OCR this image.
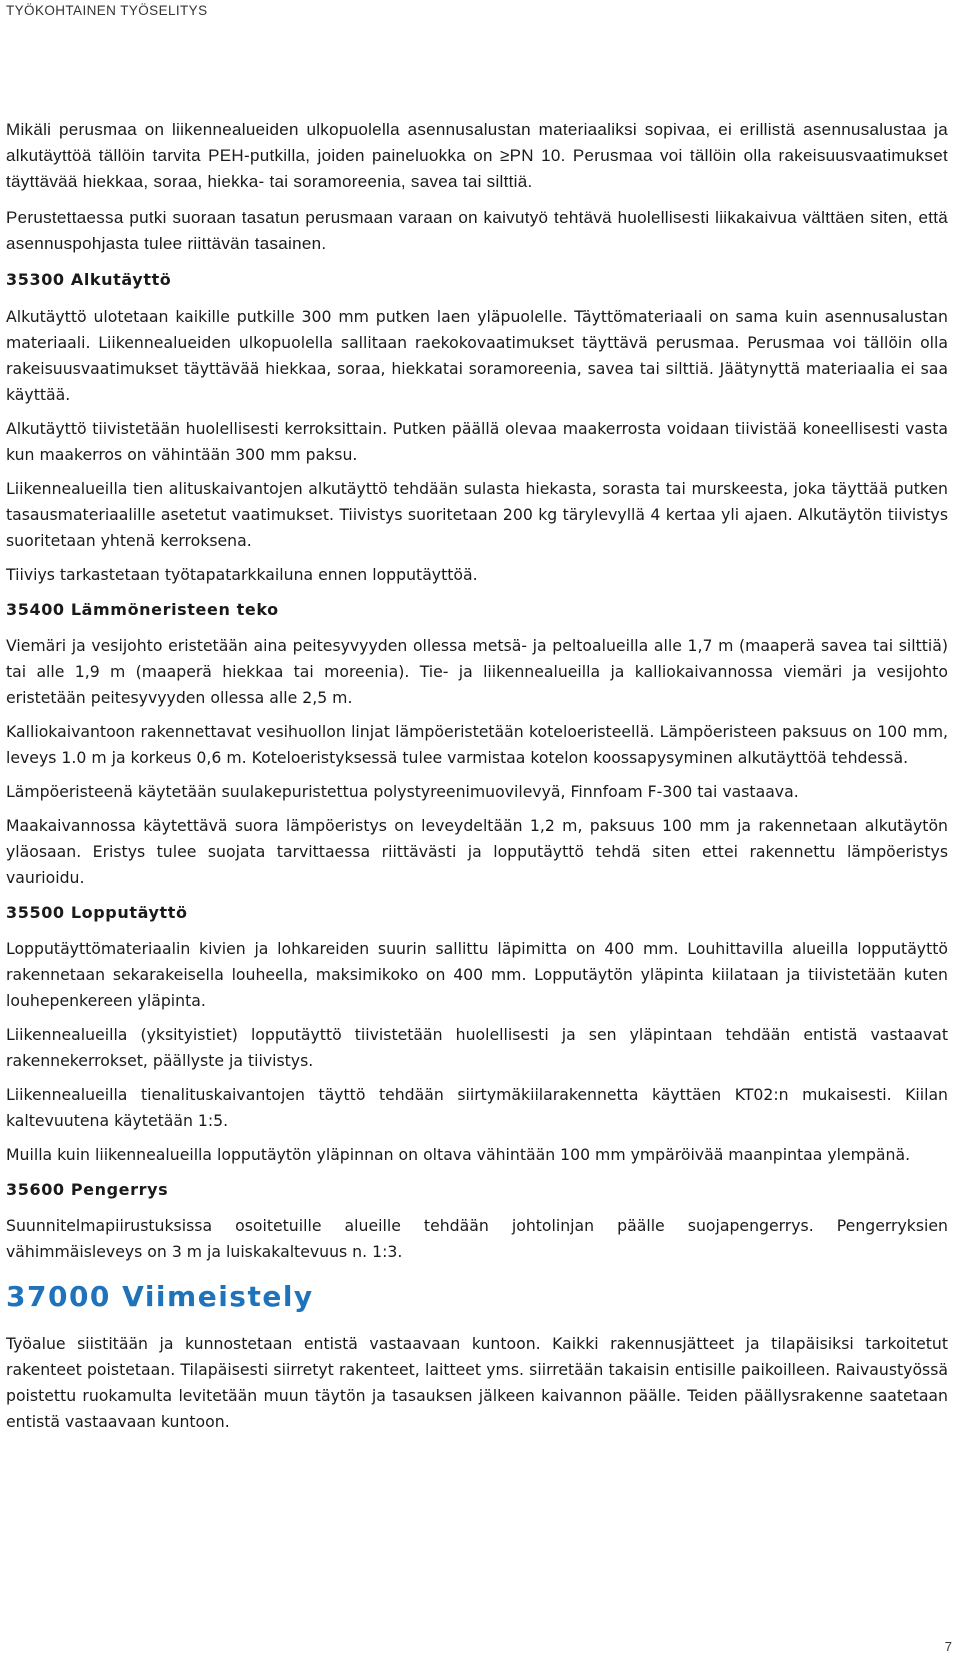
TYÖKOHTAINEN TYÖSELITYS

Mikäli perusmaa on liikennealueiden ulkopuolella asennusalustan materiaaliksi sopivaa, ei erillistä asennusalustaa ja alkutäyttöä tällöin tarvita PEH-putkilla, joiden paineluokka on ≥PN 10. Perusmaa voi tällöin olla rakeisuusvaatimukset täyttävää hiekkaa, soraa, hiekka- tai soramoreenia, savea tai silttiä.

Perustettaessa putki suoraan tasatun perusmaan varaan on kaivutyö tehtävä huolellisesti liikakaivua välttäen siten, että asennuspohjasta tulee riittävän tasainen.

35300 Alkutäyttö

Alkutäyttö ulotetaan kaikille putkille 300 mm putken laen yläpuolelle. Täyttömateriaali on sama kuin asennusalustan materiaali. Liikennealueiden ulkopuolella sallitaan raekokovaatimukset täyttävä perusmaa. Perusmaa voi tällöin olla rakeisuusvaatimukset täyttävää hiekkaa, soraa, hiekkatai soramoreenia, savea tai silttiä. Jäätynyttä materiaalia ei saa käyttää.

Alkutäyttö tiivistetään huolellisesti kerroksittain. Putken päällä olevaa maakerrosta voidaan tiivistää koneellisesti vasta kun maakerros on vähintään 300 mm paksu.

Liikennealueilla tien alituskaivantojen alkutäyttö tehdään sulasta hiekasta, sorasta tai murskeesta, joka täyttää putken tasausmateriaalille asetetut vaatimukset. Tiivistys suoritetaan 200 kg tärylevyllä 4 kertaa yli ajaen. Alkutäytön tiivistys suoritetaan yhtenä kerroksena.

Tiiviys tarkastetaan työtapatarkkailuna ennen lopputäyttöä.

35400 Lämmöneristeen teko

Viemäri ja vesijohto eristetään aina peitesyvyyden ollessa metsä- ja peltoalueilla alle 1,7 m (maaperä savea tai silttiä) tai alle 1,9 m (maaperä hiekkaa tai moreenia). Tie- ja liikennealueilla ja kalliokaivannossa viemäri ja vesijohto eristetään peitesyvyyden ollessa alle 2,5 m.

Kalliokaivantoon rakennettavat vesihuollon linjat lämpöeristetään koteloeristeellä. Lämpöeristeen paksuus on 100 mm, leveys 1.0 m ja korkeus 0,6 m. Koteloeristyksessä tulee varmistaa kotelon koossapysyminen alkutäyttöä tehdessä.

Lämpöeristeenä käytetään suulakepuristettua polystyreenimuovilevyä, Finnfoam F-300 tai vastaava.

Maakaivannossa käytettävä suora lämpöeristys on leveydeltään 1,2 m, paksuus 100 mm ja rakennetaan alkutäytön yläosaan. Eristys tulee suojata tarvittaessa riittävästi ja lopputäyttö tehdä siten ettei rakennettu lämpöeristys vaurioidu.

35500 Lopputäyttö

Lopputäyttömateriaalin kivien ja lohkareiden suurin sallittu läpimitta on 400 mm. Louhittavilla alueilla lopputäyttö rakennetaan sekarakeisella louheella, maksimikoko on 400 mm. Lopputäytön yläpinta kiilataan ja tiivistetään kuten louhepenkereen yläpinta.

Liikennealueilla (yksityistiet) lopputäyttö tiivistetään huolellisesti ja sen yläpintaan tehdään entistä vastaavat rakennekerrokset, päällyste ja tiivistys.

Liikennealueilla tienalituskaivantojen täyttö tehdään siirtymäkiilarakennetta käyttäen KT02:n mukaisesti. Kiilan kaltevuutena käytetään 1:5.

Muilla kuin liikennealueilla lopputäytön yläpinnan on oltava vähintään 100 mm ympäröivää maanpintaa ylempänä.

35600 Pengerrys

Suunnitelmapiirustuksissa osoitetuille alueille tehdään johtolinjan päälle suojapengerrys. Pengerryksien vähimmäisleveys on 3 m ja luiskakaltevuus n. 1:3.

37000 Viimeistely

Työalue siistitään ja kunnostetaan entistä vastaavaan kuntoon. Kaikki rakennusjätteet ja tilapäisiksi tarkoitetut rakenteet poistetaan. Tilapäisesti siirretyt rakenteet, laitteet yms. siirretään takaisin entisille paikoilleen. Raivaustyössä poistettu ruokamulta levitetään muun täytön ja tasauksen jälkeen kaivannon päälle. Teiden päällysrakenne saatetaan entistä vastaavaan kuntoon.

7
